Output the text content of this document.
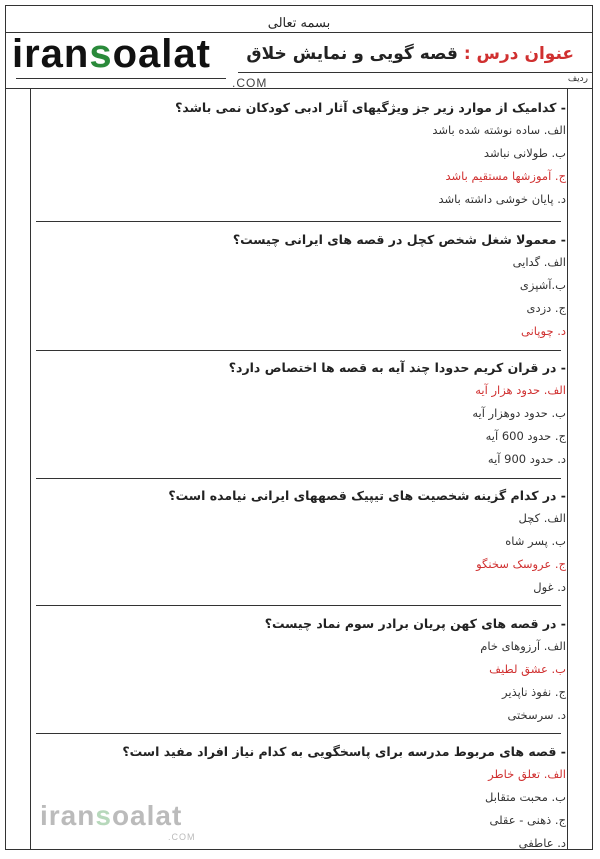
بسمه تعالی
iransoalat	عنوان درس : قصه گویی و نمایش خلاق
.COM	ردیف
- کدامیک از موارد زیر جز ویژگیهای آثار ادبی کودکان نمی باشد؟
الف. ساده نوشته شده باشد
ب. طولانی نباشد
ج. آموزشها مستقیم باشد
د. پایان خوشی داشته باشد
- معمولا شغل شخص کچل در قصه های ایرانی چیست؟
الف. گدایی
ب.آشپزی
ج. دزدی
د. چوپانی
- در قران کریم حدودا چند آیه به قصه ها اختصاص دارد؟
الف. حدود هزار آیه
ب. حدود دوهزار آیه
ج. حدود 600 آیه
د. حدود 900 آیه
- در کدام گزینه شخصیت های تیپیک قصههای ایرانی نیامده است؟
الف. کچل
ب. پسر شاه
ج. عروسک سخنگو
د. غول
- در قصه های کهن پریان برادر سوم نماد چیست؟
الف. آرزوهای خام
ب. عشق لطیف
ج. نفوذ ناپذیر
د. سرسختی
- قصه های مربوط مدرسه برای پاسخگویی به کدام نیاز افراد مفید است؟
الف. تعلق خاطر
ب. محبت متقابل
ج. ذهنی - عقلی
د. عاطفی
iransoalat
.COM
